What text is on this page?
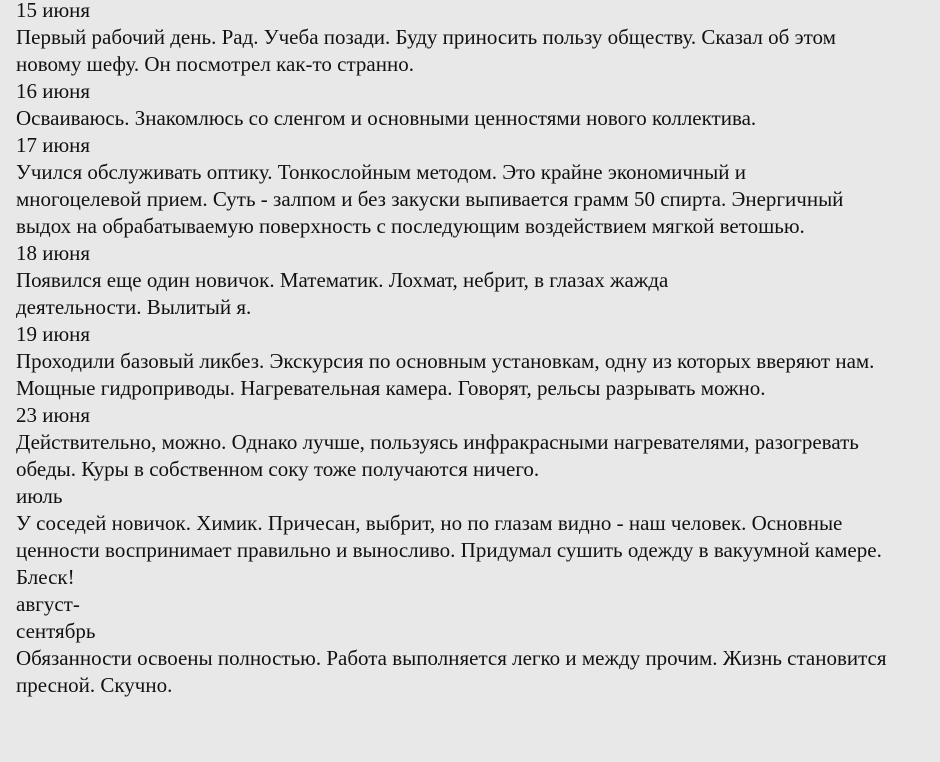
15 июня
Первый рабочий день. Рад. Учеба позади. Буду приносить пользу обществу. Сказал об этом новому шефу. Он посмотрел как-то странно.
16 июня
Осваиваюсь. Знакомлюсь со сленгом и основными ценностями нового коллектива.
17 июня
Учился обслуживать оптику. Тонкослойным методом. Это крайне экономичный и многоцелевой прием. Суть - залпом и без закуски выпивается грамм 50 спирта. Энергичный выдох на обрабатываемую поверхность с последующим воздействием мягкой ветошью.
18 июня
Появился еще один новичок. Математик. Лохмат, небрит, в глазах жажда деятельности. Вылитый я.
19 июня
Проходили базовый ликбез. Экскурсия по основным установкам, одну из которых вверяют нам. Мощные гидроприводы. Нагревательная камера. Говорят, рельсы разрывать можно.
23 июня
Действительно, можно. Однако лучше, пользуясь инфракрасными нагревателями, разогревать обеды. Куры в собственном соку тоже получаются ничего.
июль
У соседей новичок. Химик. Причесан, выбрит, но по глазам видно - наш человек. Основные ценности воспринимает правильно и выносливо. Придумал сушить одежду в вакуумной камере. Блеск!
август-
сентябрь
Обязанности освоены полностью. Работа выполняется легко и между прочим. Жизнь становится пресной. Скучно.
